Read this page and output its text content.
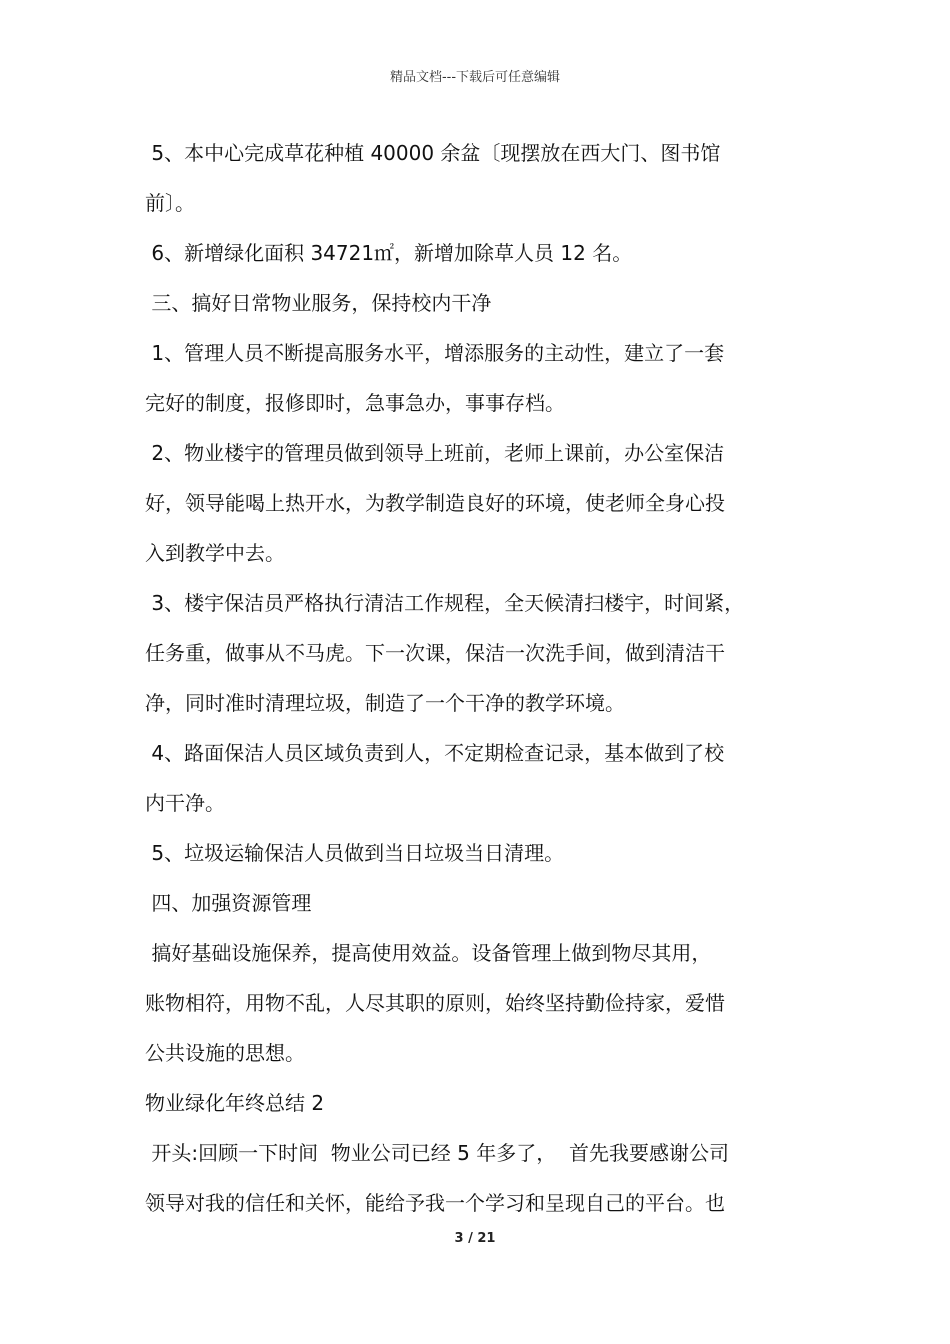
精品文档---下载后可任意编辑
5、本中心完成草花种植 40000 余盆〔现摆放在西大门、图书馆
前〕。
6、新增绿化面积 34721㎡，新增加除草人员 12 名。
三、搞好日常物业服务，保持校内干净
1、管理人员不断提高服务水平，增添服务的主动性，建立了一套
完好的制度，报修即时，急事急办，事事存档。
2、物业楼宇的管理员做到领导上班前，老师上课前，办公室保洁
好，领导能喝上热开水，为教学制造良好的环境，使老师全身心投
入到教学中去。
3、楼宇保洁员严格执行清洁工作规程，全天候清扫楼宇，时间紧，
任务重，做事从不马虎。下一次课，保洁一次洗手间，做到清洁干
净，同时准时清理垃圾，制造了一个干净的教学环境。
4、路面保洁人员区域负责到人，不定期检查记录，基本做到了校
内干净。
5、垃圾运输保洁人员做到当日垃圾当日清理。
四、加强资源管理
搞好基础设施保养，提高使用效益。设备管理上做到物尽其用，
账物相符，用物不乱，人尽其职的原则，始终坚持勤俭持家，爱惜
公共设施的思想。
物业绿化年终总结 2
开头:回顾一下时间  物业公司已经 5 年多了，  首先我要感谢公司
领导对我的信任和关怀，能给予我一个学习和呈现自己的平台。也
3 / 21
